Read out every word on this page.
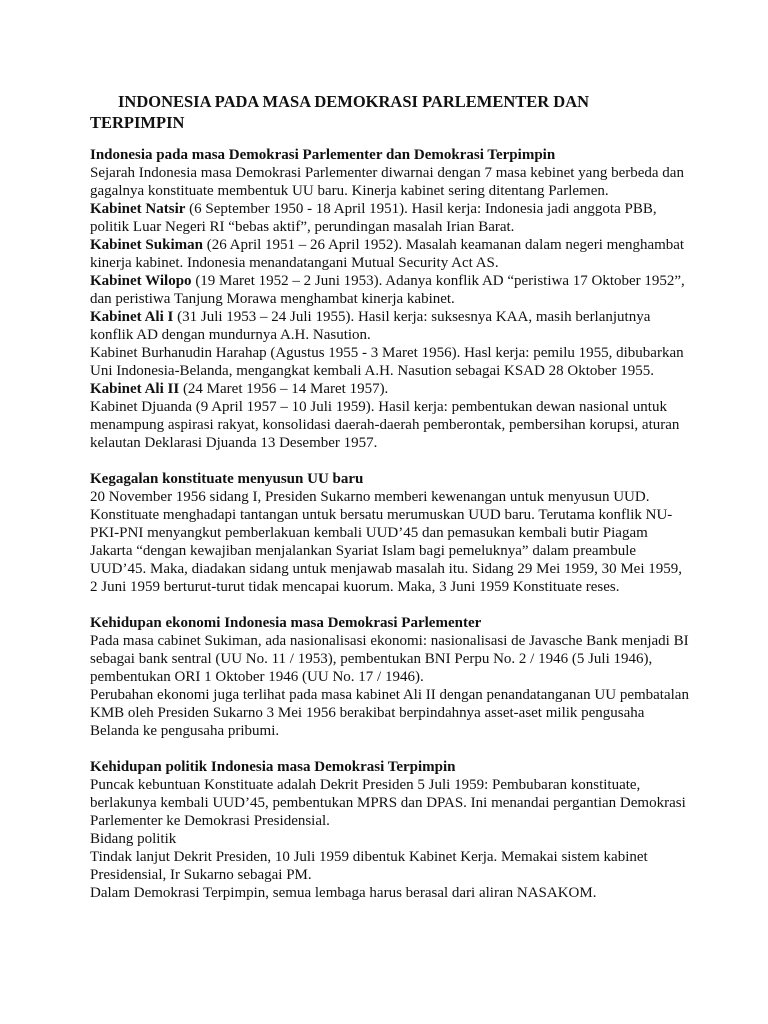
INDONESIA PADA MASA DEMOKRASI PARLEMENTER DAN TERPIMPIN

Indonesia pada masa Demokrasi Parlementer dan Demokrasi Terpimpin

Sejarah Indonesia masa Demokrasi Parlementer diwarnai dengan 7 masa kebinet yang berbeda dan gagalnya konstituate membentuk UU baru. Kinerja kabinet sering ditentang Parlemen.

Kabinet Natsir (6 September 1950 - 18 April 1951). Hasil kerja: Indonesia jadi anggota PBB, politik Luar Negeri RI “bebas aktif”, perundingan masalah Irian Barat.

Kabinet Sukiman (26 April 1951 – 26 April 1952). Masalah keamanan dalam negeri menghambat kinerja kabinet. Indonesia menandatangani Mutual Security Act AS.

Kabinet Wilopo (19 Maret 1952 – 2 Juni 1953). Adanya konflik AD “peristiwa 17 Oktober 1952”, dan peristiwa Tanjung Morawa menghambat kinerja kabinet.

Kabinet Ali I (31 Juli 1953 – 24 Juli 1955). Hasil kerja: suksesnya KAA, masih berlanjutnya konflik AD dengan mundurnya A.H. Nasution.

Kabinet Burhanudin Harahap (Agustus 1955 - 3 Maret 1956). Hasl kerja: pemilu 1955, dibubarkan Uni Indonesia-Belanda, mengangkat kembali A.H. Nasution sebagai KSAD 28 Oktober 1955.

Kabinet Ali II (24 Maret 1956 – 14 Maret 1957).

Kabinet Djuanda (9 April 1957 – 10 Juli 1959). Hasil kerja: pembentukan dewan nasional untuk menampung aspirasi rakyat, konsolidasi daerah-daerah pemberontak, pembersihan korupsi, aturan kelautan Deklarasi Djuanda 13 Desember 1957.

Kegagalan konstituate menyusun UU baru

20 November 1956 sidang I, Presiden Sukarno memberi kewenangan untuk menyusun UUD. Konstituate menghadapi tantangan untuk bersatu merumuskan UUD baru. Terutama konflik NU-PKI-PNI menyangkut pemberlakuan kembali UUD’45 dan pemasukan kembali butir Piagam Jakarta “dengan kewajiban menjalankan Syariat Islam bagi pemeluknya” dalam preambule UUD’45. Maka, diadakan sidang untuk menjawab masalah itu. Sidang 29 Mei 1959, 30 Mei 1959, 2 Juni 1959 berturut-turut tidak mencapai kuorum. Maka, 3 Juni 1959 Konstituate reses.

Kehidupan ekonomi Indonesia masa Demokrasi Parlementer

Pada masa cabinet Sukiman, ada nasionalisasi ekonomi: nasionalisasi de Javasche Bank menjadi BI sebagai bank sentral (UU No. 11 / 1953), pembentukan BNI Perpu No. 2 / 1946 (5 Juli 1946), pembentukan ORI 1 Oktober 1946 (UU No. 17 / 1946).

Perubahan ekonomi juga terlihat pada masa kabinet Ali II dengan penandatanganan UU pembatalan KMB oleh Presiden Sukarno 3 Mei 1956 berakibat berpindahnya asset-aset milik pengusaha Belanda ke pengusaha pribumi.

Kehidupan politik Indonesia masa Demokrasi Terpimpin

Puncak kebuntuan Konstituate adalah Dekrit Presiden 5 Juli 1959: Pembubaran konstituate, berlakunya kembali UUD’45, pembentukan MPRS dan DPAS. Ini menandai pergantian Demokrasi Parlementer ke Demokrasi Presidensial.

Bidang politik

Tindak lanjut Dekrit Presiden, 10 Juli 1959 dibentuk Kabinet Kerja. Memakai sistem kabinet Presidensial, Ir Sukarno sebagai PM.

Dalam Demokrasi Terpimpin, semua lembaga harus berasal dari aliran NASAKOM.
